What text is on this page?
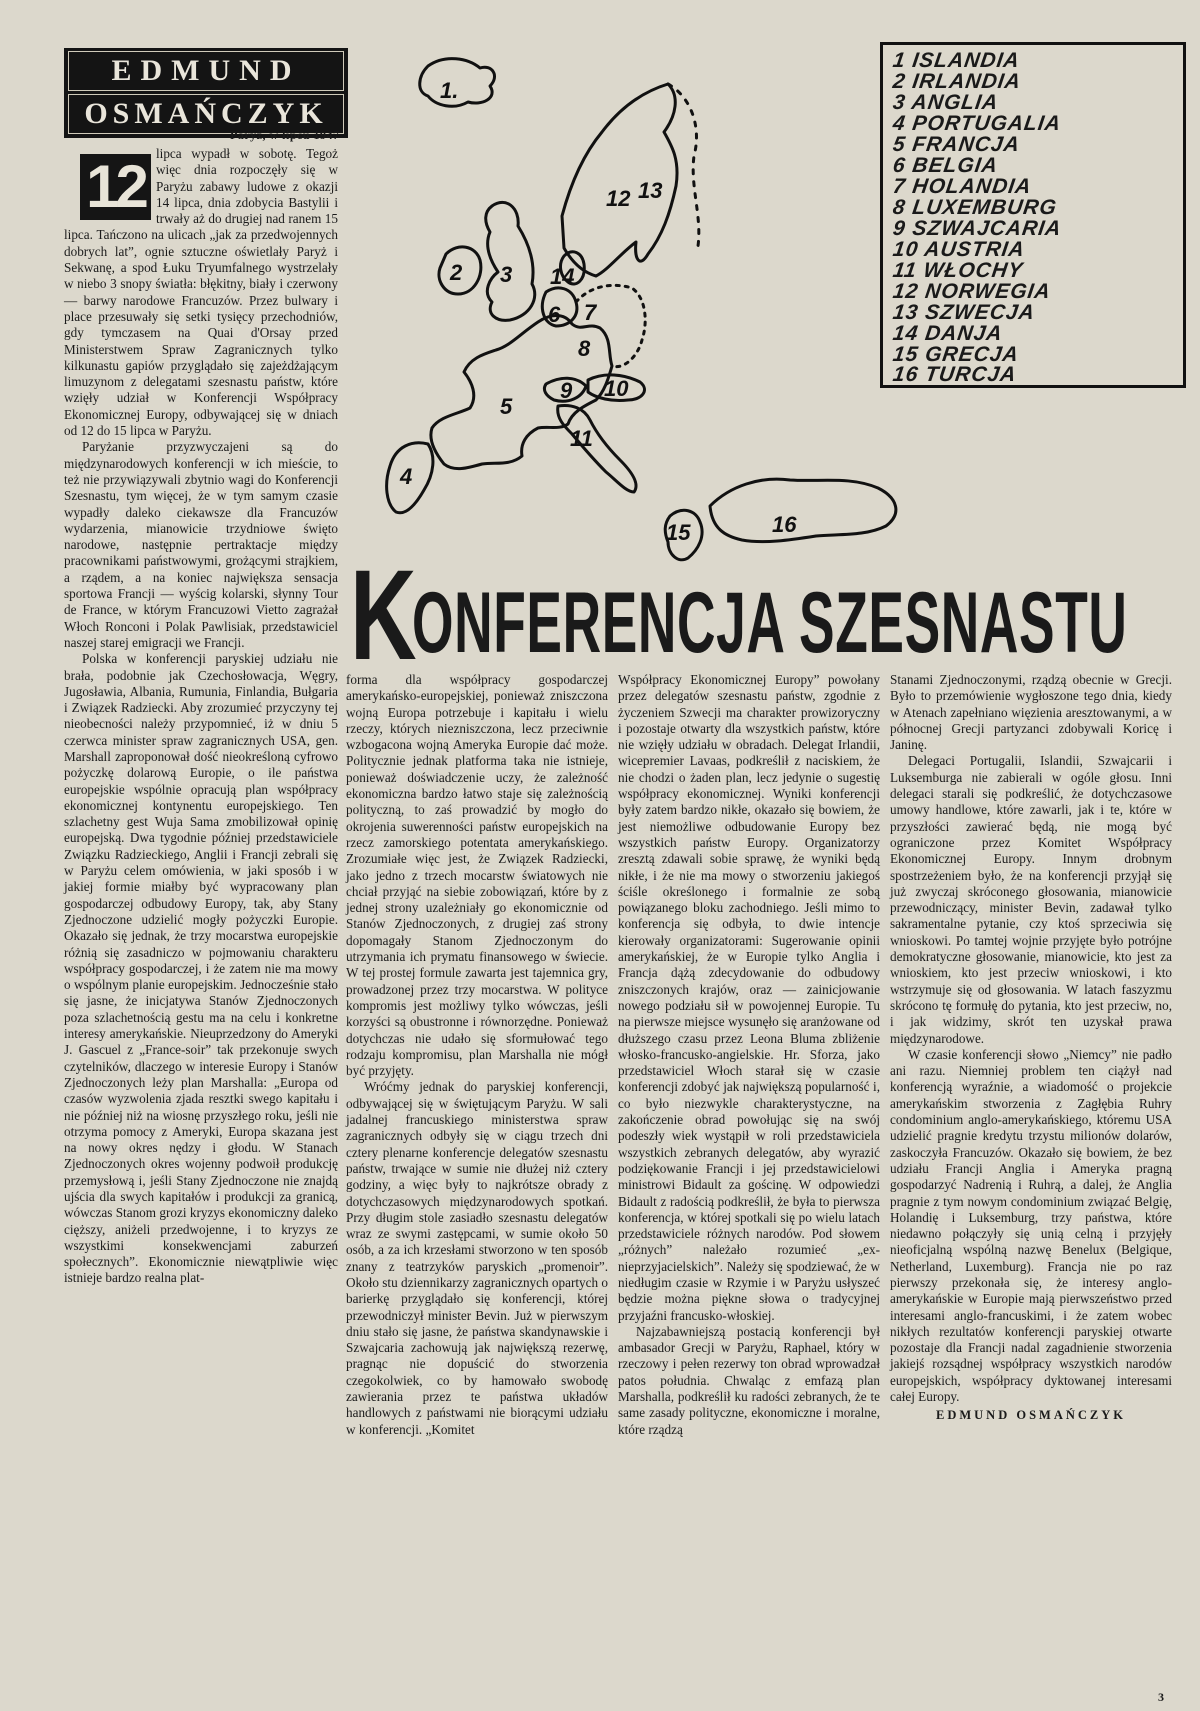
EDMUND
OSMAŃCZYK
Paryż, w lipcu 1947
12 lipca wypadł w sobotę. Tegoż więc dnia rozpoczęły się w Paryżu zabawy ludowe z okazji 14 lipca, dnia zdobycia Bastylii i trwały aż do drugiej nad ranem 15 lipca. Tańczono na ulicach „jak za przedwojennych dobrych lat”, ognie sztuczne oświetlały Paryż i Sekwanę, a spod Łuku Tryumfalnego wystrzelały w niebo 3 snopy światła: błękitny, biały i czerwony — barwy narodowe Francuzów. Przez bulwary i place przesuwały się setki tysięcy przechodniów, gdy tymczasem na Quai d'Orsay przed Ministerstwem Spraw Zagranicznych tylko kilkunastu gapiów przyglądało się zajeżdżającym limuzynom z delegatami szesnastu państw, które wzięły udział w Konferencji Współpracy Ekonomicznej Europy, odbywającej się w dniach od 12 do 15 lipca w Paryżu.

Paryżanie przyzwyczajeni są do międzynarodowych konferencji w ich mieście, to też nie przywiązywali zbytnio wagi do Konferencji Szesnastu, tym więcej, że w tym samym czasie wypadły daleko ciekawsze dla Francuzów wydarzenia, mianowicie trzydniowe święto narodowe, następnie pertraktacje między pracownikami państwowymi, grożącymi strajkiem, a rządem, a na koniec największa sensacja sportowa Francji — wyścig kolarski, słynny Tour de France, w którym Francuzowi Vietto zagrażał Włoch Ronconi i Polak Pawlisiak, przedstawiciel naszej starej emigracji we Francji.

Polska w konferencji paryskiej udziału nie brała, podobnie jak Czechosłowacja, Węgry, Jugosławia, Albania, Rumunia, Finlandia, Bułgaria i Związek Radziecki. Aby zrozumieć przyczyny tej nieobecności należy przypomnieć, iż w dniu 5 czerwca minister spraw zagranicznych USA, gen. Marshall zaproponował dość nieokreśloną cyfrowo pożyczkę dolarową Europie, o ile państwa europejskie wspólnie opracują plan współpracy ekonomicznej kontynentu europejskiego. Ten szlachetny gest Wuja Sama zmobilizował opinię europejską. Dwa tygodnie później przedstawiciele Związku Radzieckiego, Anglii i Francji zebrali się w Paryżu celem omówienia, w jaki sposób i w jakiej formie miałby być wypracowany plan gospodarczej odbudowy Europy, tak, aby Stany Zjednoczone udzielić mogły pożyczki Europie. Okazało się jednak, że trzy mocarstwa europejskie różnią się zasadniczo w pojmowaniu charakteru współpracy gospodarczej, i że zatem nie ma mowy o wspólnym planie europejskim. Jednocześnie stało się jasne, że inicjatywa Stanów Zjednoczonych poza szlachetnością gestu ma na celu i konkretne interesy amerykańskie. Nieuprzedzony do Ameryki J. Gascuel z „France-soir” tak przekonuje swych czytelników, dlaczego w interesie Europy i Stanów Zjednoczonych leży plan Marshalla: „Europa od czasów wyzwolenia zjada resztki swego kapitału i nie później niż na wiosnę przyszłego roku, jeśli nie otrzyma pomocy z Ameryki, Europa skazana jest na nowy okres nędzy i głodu. W Stanach Zjednoczonych okres wojenny podwoił produkcję przemysłową i, jeśli Stany Zjednoczone nie znajdą ujścia dla swych kapitałów i produkcji za granicą, wówczas Stanom grozi kryzys ekonomiczny daleko cięższy, aniżeli przedwojenne, i to kryzys ze wszystkimi konsekwencjami zaburzeń społecznych”. Ekonomicznie niewątpliwie więc istnieje bardzo realna plat-

1.
2 3
4
5
6 7
8
9 10
11
12 13
14
15	16
1 ISLANDIA
2 IRLANDIA
3 ANGLIA
4 PORTUGALIA
5 FRANCJA
6 BELGIA
7 HOLANDIA
8 LUXEMBURG
9 SZWAJCARIA
10 AUSTRIA
11 WŁOCHY
12 NORWEGIA
13 SZWECJA
14 DANJA
15 GRECJA
16 TURCJA
K
ONFERENCJA SZESNASTU

forma dla współpracy gospodarczej amerykańsko-europejskiej, ponieważ zniszczona wojną Europa potrzebuje i kapitału i wielu rzeczy, których niezniszczona, lecz przeciwnie wzbogacona wojną Ameryka Europie dać może. Politycznie jednak platforma taka nie istnieje, ponieważ doświadczenie uczy, że zależność ekonomiczna bardzo łatwo staje się zależnością polityczną, to zaś prowadzić by mogło do okrojenia suwerenności państw europejskich na rzecz zamorskiego potentata amerykańskiego. Zrozumiałe więc jest, że Związek Radziecki, jako jedno z trzech mocarstw światowych nie chciał przyjąć na siebie zobowiązań, które by z jednej strony uzależniały go ekonomicznie od Stanów Zjednoczonych, z drugiej zaś strony dopomagały Stanom Zjednoczonym do utrzymania ich prymatu finansowego w świecie. W tej prostej formule zawarta jest tajemnica gry, prowadzonej przez trzy mocarstwa. W polityce kompromis jest możliwy tylko wówczas, jeśli korzyści są obustronne i równorzędne. Ponieważ dotychczas nie udało się sformułować tego rodzaju kompromisu, plan Marshalla nie mógł być przyjęty.

Wróćmy jednak do paryskiej konferencji, odbywającej się w świętującym Paryżu. W sali jadalnej francuskiego ministerstwa spraw zagranicznych odbyły się w ciągu trzech dni cztery plenarne konferencje delegatów szesnastu państw, trwające w sumie nie dłużej niż cztery godziny, a więc były to najkrótsze obrady z dotychczasowych międzynarodowych spotkań. Przy długim stole zasiadło szesnastu delegatów wraz ze swymi zastępcami, w sumie około 50 osób, a za ich krzesłami stworzono w ten sposób znany z teatrzyków paryskich „promenoir”. Około stu dziennikarzy zagranicznych opartych o barierkę przyglądało się konferencji, której przewodniczył minister Bevin. Już w pierwszym dniu stało się jasne, że państwa skandynawskie i Szwajcaria zachowują jak największą rezerwę, pragnąc nie dopuścić do stworzenia czegokolwiek, co by hamowało swobodę zawierania przez te państwa układów handlowych z państwami nie biorącymi udziału w konferencji. „Komitet

Współpracy Ekonomicznej Europy” powołany przez delegatów szesnastu państw, zgodnie z życzeniem Szwecji ma charakter prowizoryczny i pozostaje otwarty dla wszystkich państw, które nie wzięły udziału w obradach. Delegat Irlandii, wicepremier Lavaas, podkreślił z naciskiem, że nie chodzi o żaden plan, lecz jedynie o sugestię współpracy ekonomicznej. Wyniki konferencji były zatem bardzo nikłe, okazało się bowiem, że jest niemożliwe odbudowanie Europy bez wszystkich państw Europy. Organizatorzy zresztą zdawali sobie sprawę, że wyniki będą nikłe, i że nie ma mowy o stworzeniu jakiegoś ściśle określonego i formalnie ze sobą powiązanego bloku zachodniego. Jeśli mimo to konferencja się odbyła, to dwie intencje kierowały organizatorami: Sugerowanie opinii amerykańskiej, że w Europie tylko Anglia i Francja dążą zdecydowanie do odbudowy zniszczonych krajów, oraz — zainicjowanie nowego podziału sił w powojennej Europie. Tu na pierwsze miejsce wysunęło się aranżowane od dłuższego czasu przez Leona Bluma zbliżenie włosko-francusko-angielskie. Hr. Sforza, jako przedstawiciel Włoch starał się w czasie konferencji zdobyć jak największą popularność i, co było niezwykle charakterystyczne, na zakończenie obrad powołując się na swój podeszły wiek wystąpił w roli przedstawiciela wszystkich zebranych delegatów, aby wyrazić podziękowanie Francji i jej przedstawicielowi ministrowi Bidault za gościnę. W odpowiedzi Bidault z radością podkreślił, że była to pierwsza konferencja, w której spotkali się po wielu latach przedstawiciele różnych narodów. Pod słowem „różnych” należało rozumieć „ex-nieprzyjacielskich”. Należy się spodziewać, że w niedługim czasie w Rzymie i w Paryżu usłyszeć będzie można piękne słowa o tradycyjnej przyjaźni francusko-włoskiej.

Najzabawniejszą postacią konferencji był ambasador Grecji w Paryżu, Raphael, który w rzeczowy i pełen rezerwy ton obrad wprowadzał patos południa. Chwaląc z emfazą plan Marshalla, podkreślił ku radości zebranych, że te same zasady polityczne, ekonomiczne i moralne, które rządzą

Stanami Zjednoczonymi, rządzą obecnie w Grecji. Było to przemówienie wygłoszone tego dnia, kiedy w Atenach zapełniano więzienia aresztowanymi, a w północnej Grecji partyzanci zdobywali Koricę i Janinę.

Delegaci Portugalii, Islandii, Szwajcarii i Luksemburga nie zabierali w ogóle głosu. Inni delegaci starali się podkreślić, że dotychczasowe umowy handlowe, które zawarli, jak i te, które w przyszłości zawierać będą, nie mogą być ograniczone przez Komitet Współpracy Ekonomicznej Europy. Innym drobnym spostrzeżeniem było, że na konferencji przyjął się już zwyczaj skróconego głosowania, mianowicie przewodniczący, minister Bevin, zadawał tylko sakramentalne pytanie, czy ktoś sprzeciwia się wnioskowi. Po tamtej wojnie przyjęte było potrójne demokratyczne głosowanie, mianowicie, kto jest za wnioskiem, kto jest przeciw wnioskowi, i kto wstrzymuje się od głosowania. W latach faszyzmu skrócono tę formułę do pytania, kto jest przeciw, no, i jak widzimy, skrót ten uzyskał prawa międzynarodowe.

W czasie konferencji słowo „Niemcy” nie padło ani razu. Niemniej problem ten ciążył nad konferencją wyraźnie, a wiadomość o projekcie amerykańskim stworzenia z Zagłębia Ruhry condominium anglo-amerykańskiego, któremu USA udzielić pragnie kredytu trzystu milionów dolarów, zaskoczyła Francuzów. Okazało się bowiem, że bez udziału Francji Anglia i Ameryka pragną gospodarzyć Nadrenią i Ruhrą, a dalej, że Anglia pragnie z tym nowym condominium związać Belgię, Holandię i Luksemburg, trzy państwa, które niedawno połączyły się unią celną i przyjęły nieoficjalną wspólną nazwę Benelux (Belgique, Netherland, Luxemburg). Francja nie po raz pierwszy przekonała się, że interesy anglo-amerykańskie w Europie mają pierwszeństwo przed interesami anglo-francuskimi, i że zatem wobec nikłych rezultatów konferencji paryskiej otwarte pozostaje dla Francji nadal zagadnienie stworzenia jakiejś rozsądnej współpracy wszystkich narodów europejskich, współpracy dyktowanej interesami całej Europy.

EDMUND OSMAŃCZYK

3
